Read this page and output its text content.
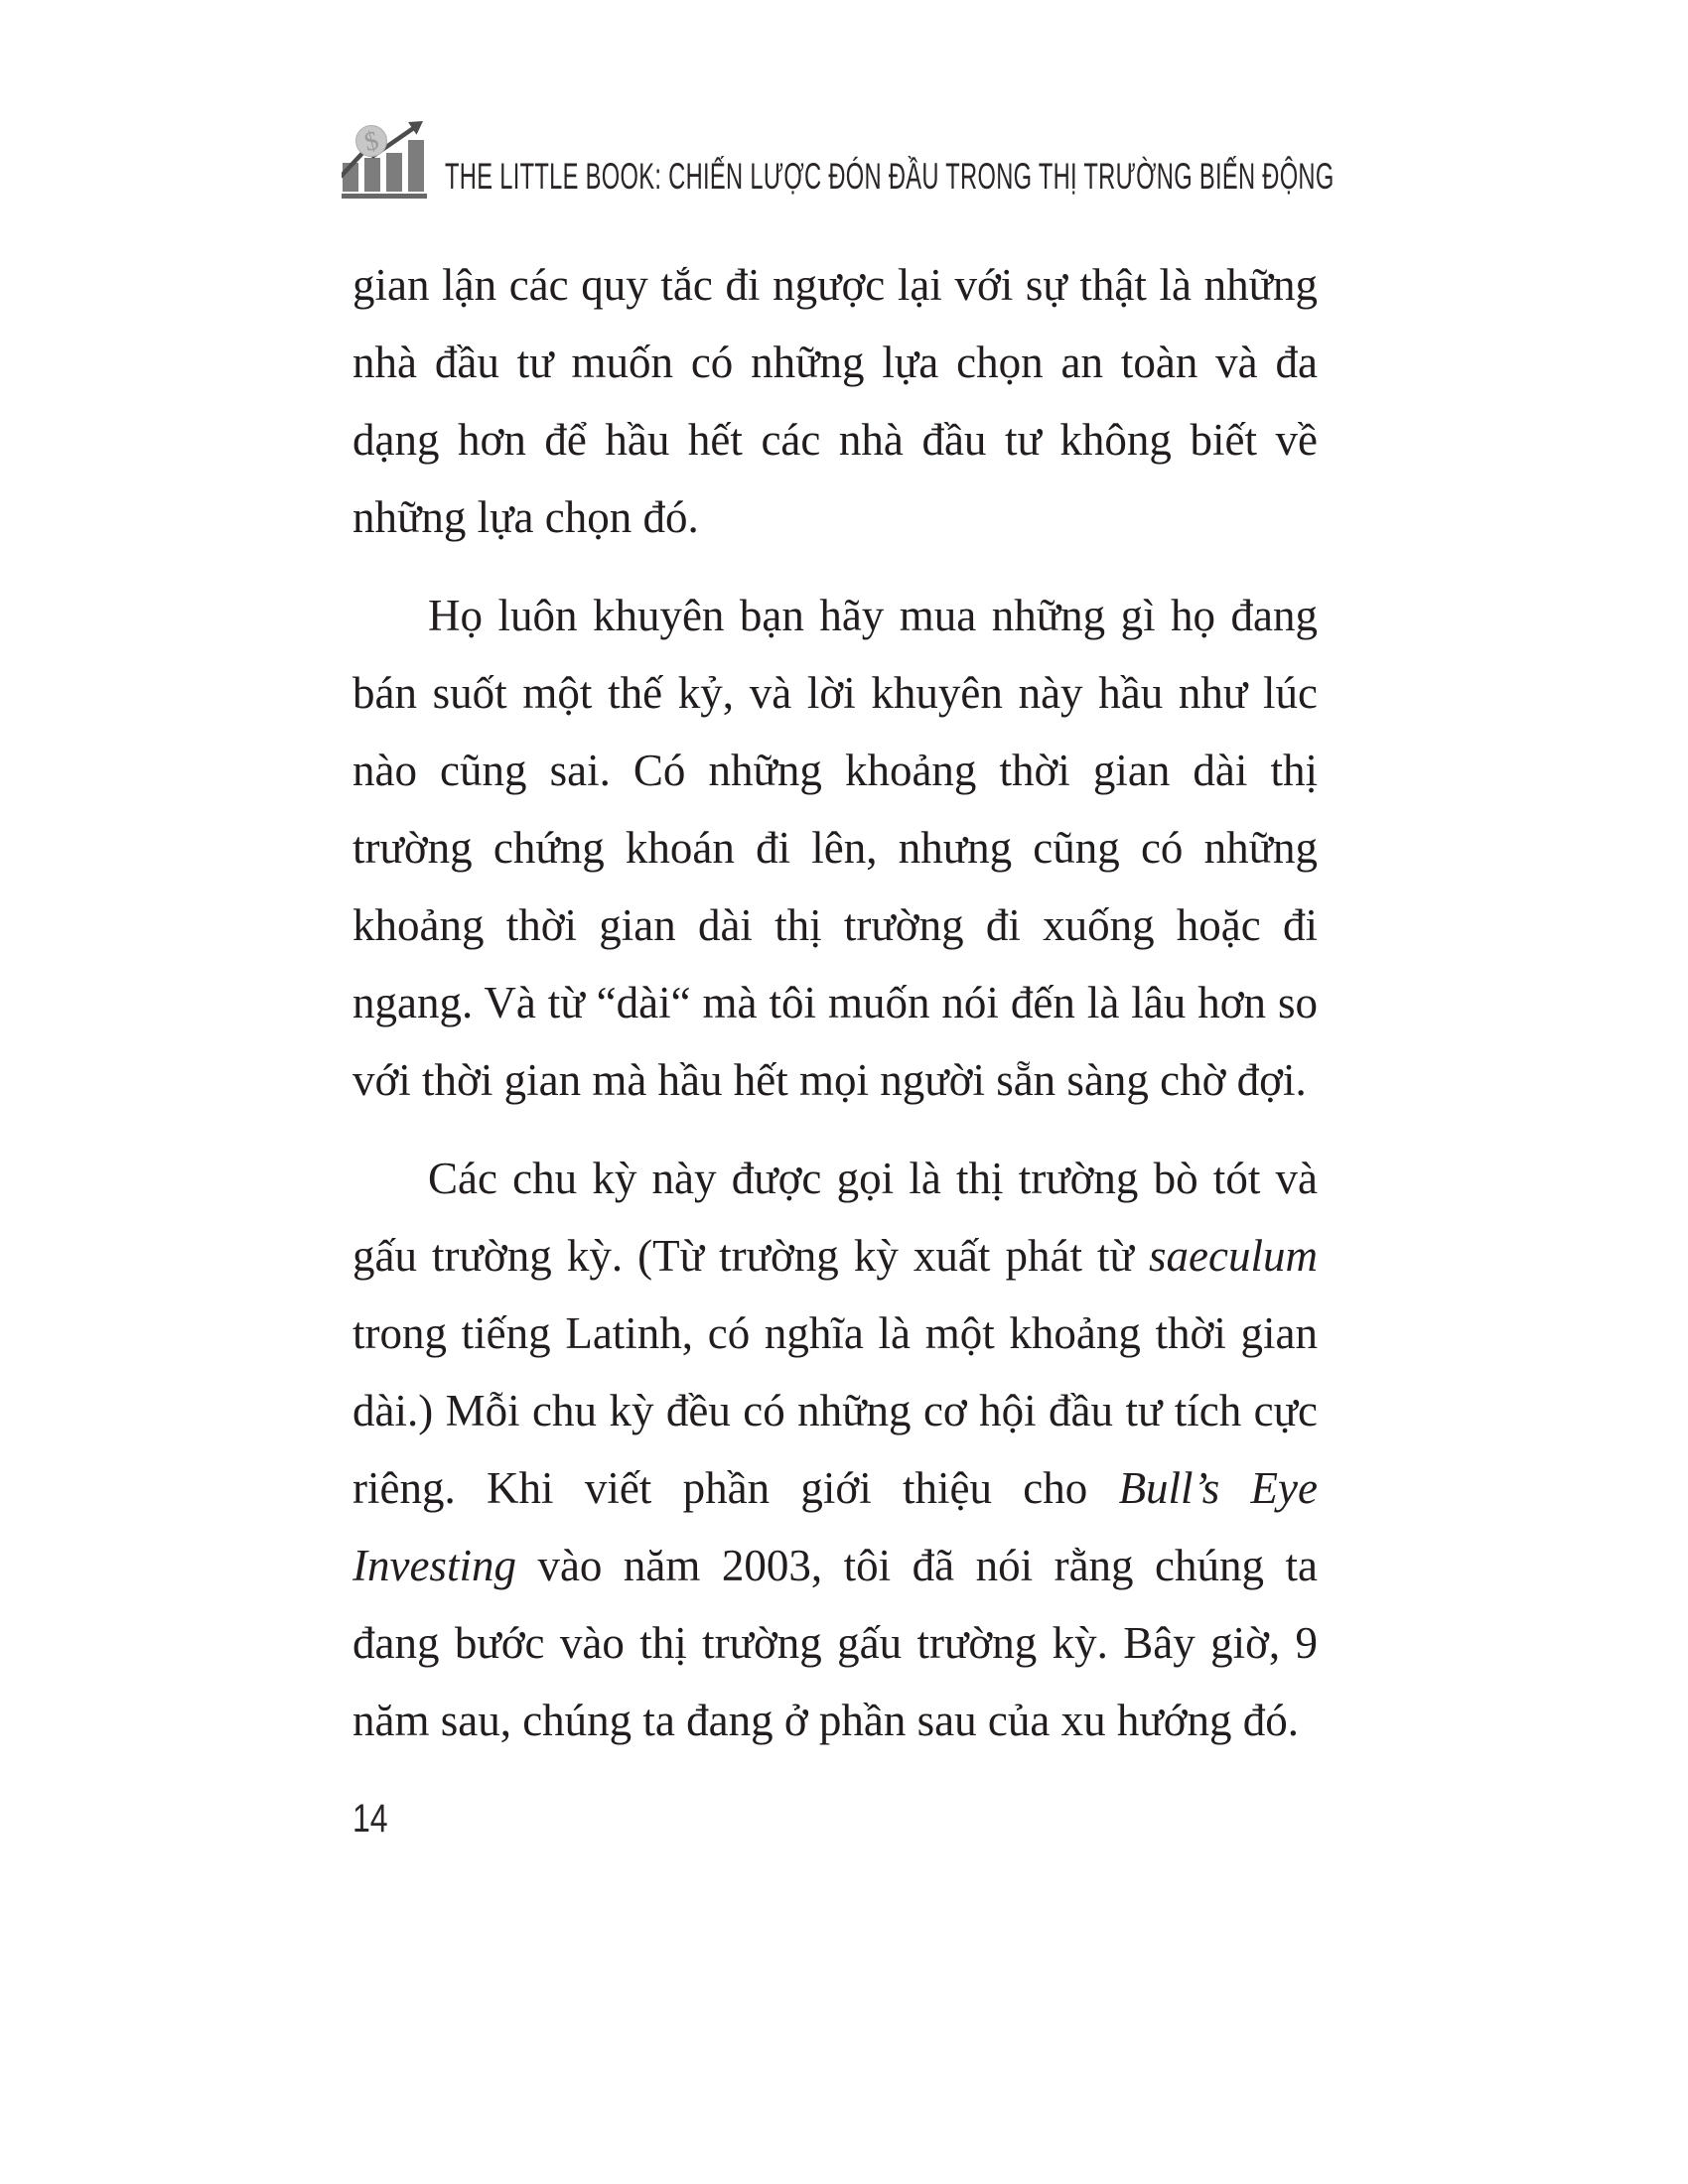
$
THE LITTLE BOOK: CHIẾN LƯỢC ĐÓN ĐẦU TRONG THỊ TRƯỜNG BIẾN ĐỘNG

gian lận các quy tắc đi ngược lại với sự thật là những nhà đầu tư muốn có những lựa chọn an toàn và đa dạng hơn để hầu hết các nhà đầu tư không biết về những lựa chọn đó.

Họ luôn khuyên bạn hãy mua những gì họ đang bán suốt một thế kỷ, và lời khuyên này hầu như lúc nào cũng sai. Có những khoảng thời gian dài thị trường chứng khoán đi lên, nhưng cũng có những khoảng thời gian dài thị trường đi xuống hoặc đi ngang. Và từ “dài“ mà tôi muốn nói đến là lâu hơn so với thời gian mà hầu hết mọi người sẵn sàng chờ đợi.

Các chu kỳ này được gọi là thị trường bò tót và gấu trường kỳ. (Từ trường kỳ xuất phát từ saeculum trong tiếng Latinh, có nghĩa là một khoảng thời gian dài.) Mỗi chu kỳ đều có những cơ hội đầu tư tích cực riêng. Khi viết phần giới thiệu cho Bull’s Eye Investing vào năm 2003, tôi đã nói rằng chúng ta đang bước vào thị trường gấu trường kỳ. Bây giờ, 9 năm sau, chúng ta đang ở phần sau của xu hướng đó.

14
